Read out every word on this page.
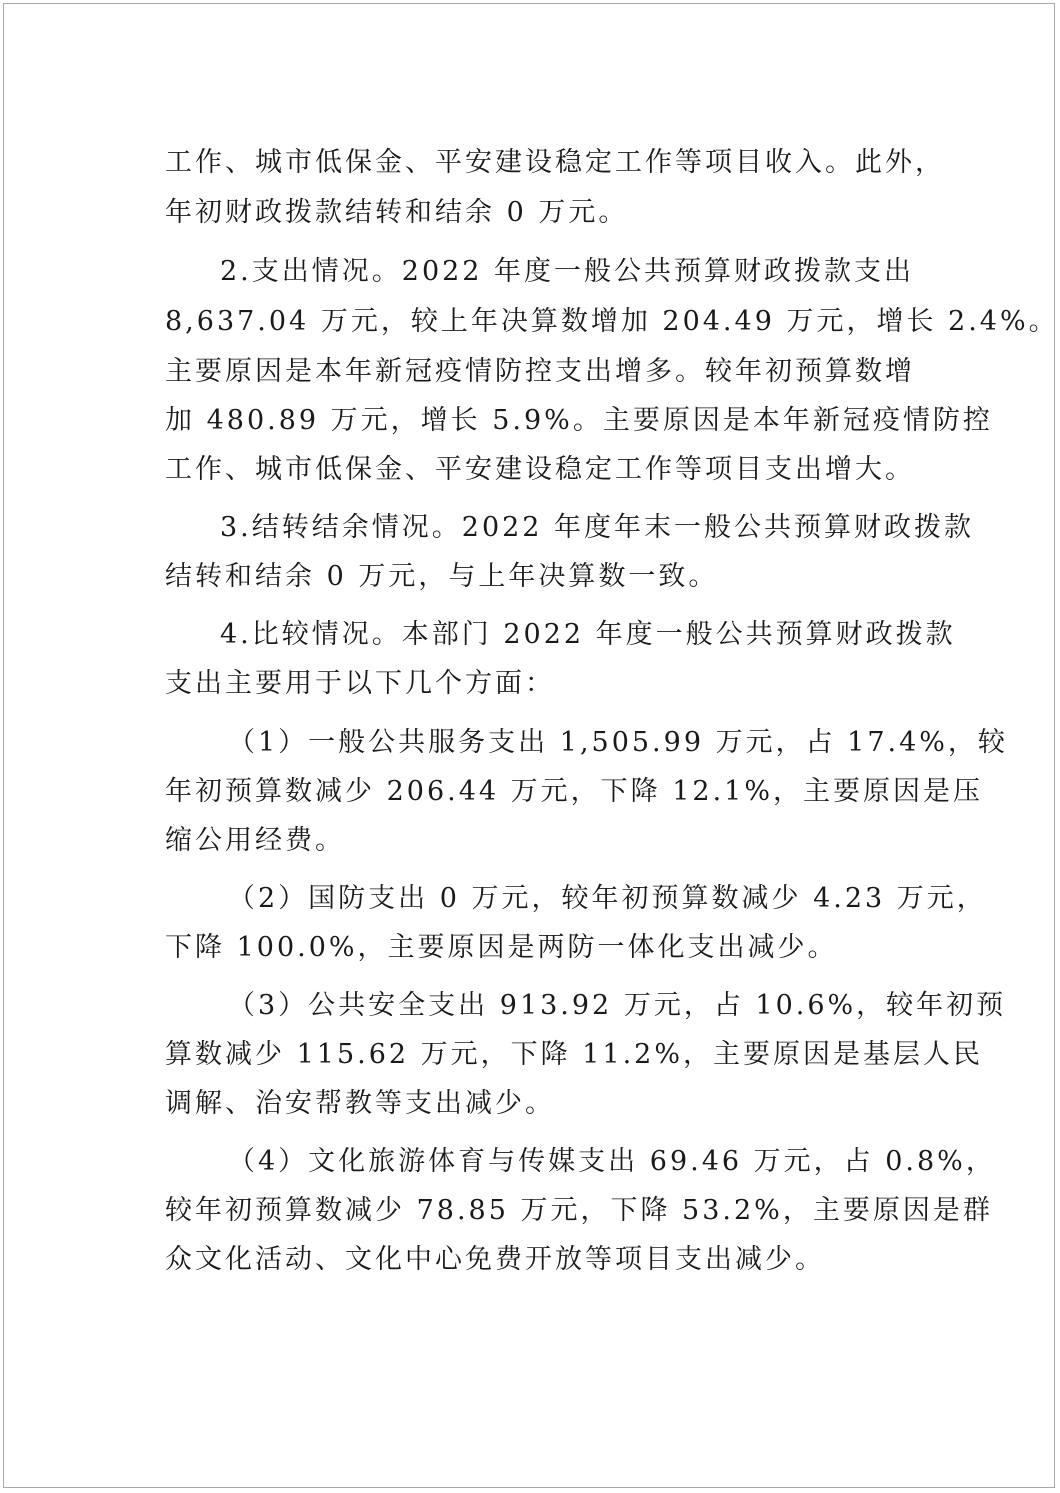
工作、城市低保金、平安建设稳定工作等项目收入。此外，
年初财政拨款结转和结余 0 万元。
2.支出情况。2022 年度一般公共预算财政拨款支出
8,637.04 万元，较上年决算数增加 204.49 万元，增长 2.4%。
主要原因是本年新冠疫情防控支出增多。较年初预算数增
加 480.89 万元，增长 5.9%。主要原因是本年新冠疫情防控
工作、城市低保金、平安建设稳定工作等项目支出增大。
3.结转结余情况。2022 年度年末一般公共预算财政拨款
结转和结余 0 万元，与上年决算数一致。
4.比较情况。本部门 2022 年度一般公共预算财政拨款
支出主要用于以下几个方面：
（1）一般公共服务支出 1,505.99 万元，占 17.4%，较
年初预算数减少 206.44 万元，下降 12.1%，主要原因是压
缩公用经费。
（2）国防支出 0 万元，较年初预算数减少 4.23 万元，
下降 100.0%，主要原因是两防一体化支出减少。
（3）公共安全支出 913.92 万元，占 10.6%，较年初预
算数减少 115.62 万元，下降 11.2%，主要原因是基层人民
调解、治安帮教等支出减少。
（4）文化旅游体育与传媒支出 69.46 万元，占 0.8%，
较年初预算数减少 78.85 万元，下降 53.2%，主要原因是群
众文化活动、文化中心免费开放等项目支出减少。
